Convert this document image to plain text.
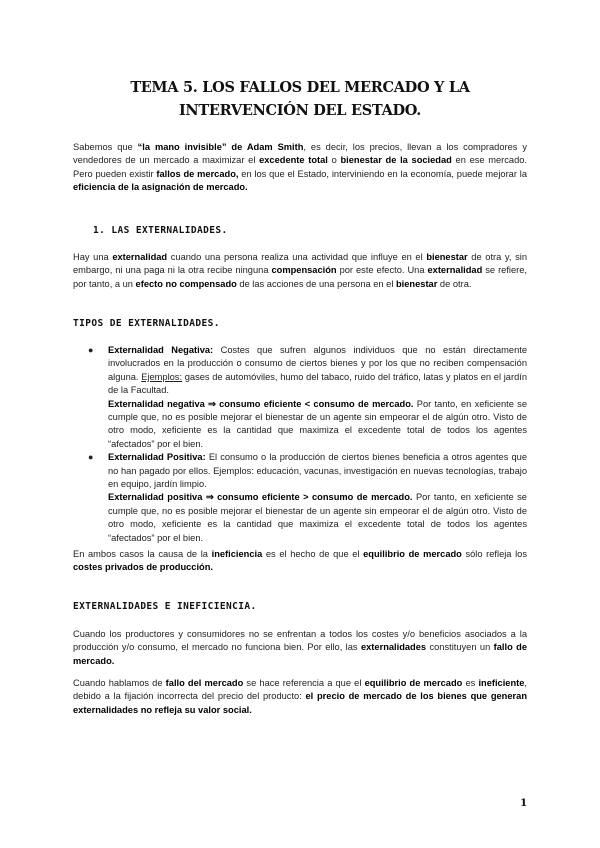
TEMA 5. LOS FALLOS DEL MERCADO Y LA INTERVENCIÓN DEL ESTADO.

Sabemos que “la mano invisible” de Adam Smith, es decir, los precios, llevan a los compradores y vendedores de un mercado a maximizar el excedente total o bienestar de la sociedad en ese mercado. Pero pueden existir fallos de mercado, en los que el Estado, interviniendo en la economía, puede mejorar la eficiencia de la asignación de mercado.

1. LAS EXTERNALIDADES.

Hay una externalidad cuando una persona realiza una actividad que influye en el bienestar de otra y, sin embargo, ni una paga ni la otra recibe ninguna compensación por este efecto. Una externalidad se refiere, por tanto, a un efecto no compensado de las acciones de una persona en el bienestar de otra.

TIPOS DE EXTERNALIDADES.
● Externalidad Negativa: Costes que sufren algunos individuos que no están directamente involucrados en la producción o consumo de ciertos bienes y por los que no reciben compensación alguna. Ejemplos: gases de automóviles, humo del tabaco, ruido del tráfico, latas y platos en el jardín de la Facultad.
Externalidad negativa ⇒ consumo eficiente < consumo de mercado. Por tanto, en xeficiente se cumple que, no es posible mejorar el bienestar de un agente sin empeorar el de algún otro. Visto de otro modo, xeficiente es la cantidad que maximiza el excedente total de todos los agentes “afectados” por el bien.
● Externalidad Positiva: El consumo o la producción de ciertos bienes beneficia a otros agentes que no han pagado por ellos. Ejemplos: educación, vacunas, investigación en nuevas tecnologías, trabajo en equipo, jardín limpio.
Externalidad positiva ⇒ consumo eficiente > consumo de mercado. Por tanto, en xeficiente se cumple que, no es posible mejorar el bienestar de un agente sin empeorar el de algún otro. Visto de otro modo, xeficiente es la cantidad que maximiza el excedente total de todos los agentes “afectados” por el bien.

En ambos casos la causa de la ineficiencia es el hecho de que el equilibrio de mercado sólo refleja los costes privados de producción.

EXTERNALIDADES E INEFICIENCIA.

Cuando los productores y consumidores no se enfrentan a todos los costes y/o beneficios asociados a la producción y/o consumo, el mercado no funciona bien. Por ello, las externalidades constituyen un fallo de mercado.

Cuando hablamos de fallo del mercado se hace referencia a que el equilibrio de mercado es ineficiente, debido a la fijación incorrecta del precio del producto: el precio de mercado de los bienes que generan externalidades no refleja su valor social.

1
